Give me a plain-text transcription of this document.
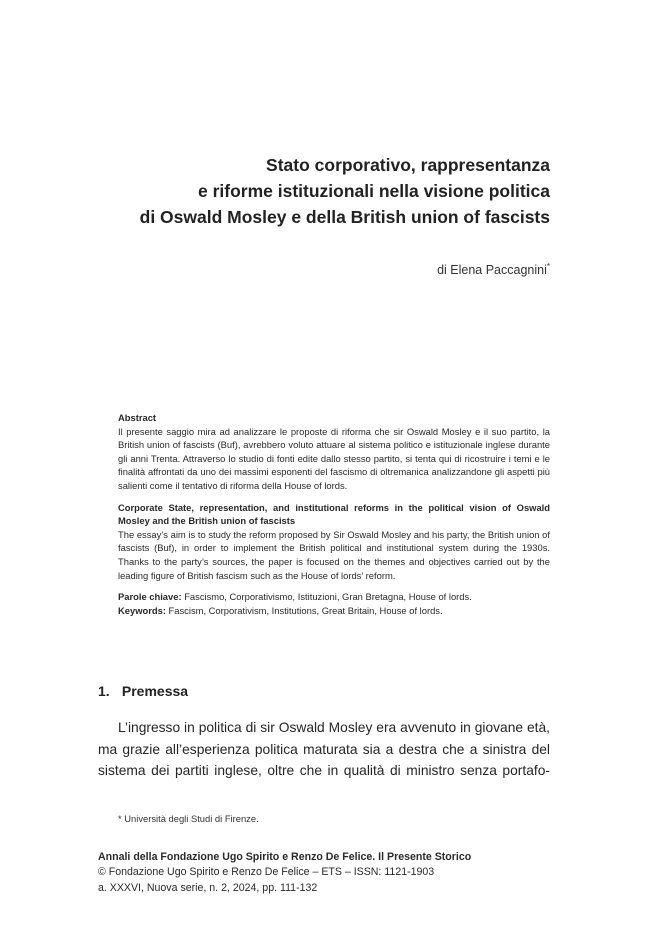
Stato corporativo, rappresentanza
e riforme istituzionali nella visione politica
di Oswald Mosley e della British union of fascists
di Elena Paccagnini*

Abstract

Il presente saggio mira ad analizzare le proposte di riforma che sir Oswald Mosley e il suo partito, la British union of fascists (Buf), avrebbero voluto attuare al sistema politico e istituzionale inglese durante gli anni Trenta. Attraverso lo studio di fonti edite dallo stesso partito, si tenta qui di ricostruire i temi e le finalità affrontati da uno dei massimi esponenti del fascismo di oltremanica analizzandone gli aspetti più salienti come il tentativo di riforma della House of lords.

Corporate State, representation, and institutional reforms in the political vision of Oswald Mosley and the British union of fascists

The essay’s aim is to study the reform proposed by Sir Oswald Mosley and his party, the British union of fascists (Buf), in order to implement the British political and institutional system during the 1930s. Thanks to the party’s sources, the paper is focused on the themes and objectives carried out by the leading figure of British fascism such as the House of lords’ reform.

Parole chiave: Fascismo, Corporativismo, Istituzioni, Gran Bretagna, House of lords.

Keywords: Fascism, Corporativism, Institutions, Great Britain, House of lords.

1. Premessa
L’ingresso in politica di sir Oswald Mosley era avvenuto in giovane età,
ma grazie all’esperienza politica maturata sia a destra che a sinistra del
sistema dei partiti inglese, oltre che in qualità di ministro senza portafo-
* Università degli Studi di Firenze.
Annali della Fondazione Ugo Spirito e Renzo De Felice. Il Presente Storico
© Fondazione Ugo Spirito e Renzo De Felice – ETS – ISSN: 1121-1903
a. XXXVI, Nuova serie, n. 2, 2024, pp. 111-132
